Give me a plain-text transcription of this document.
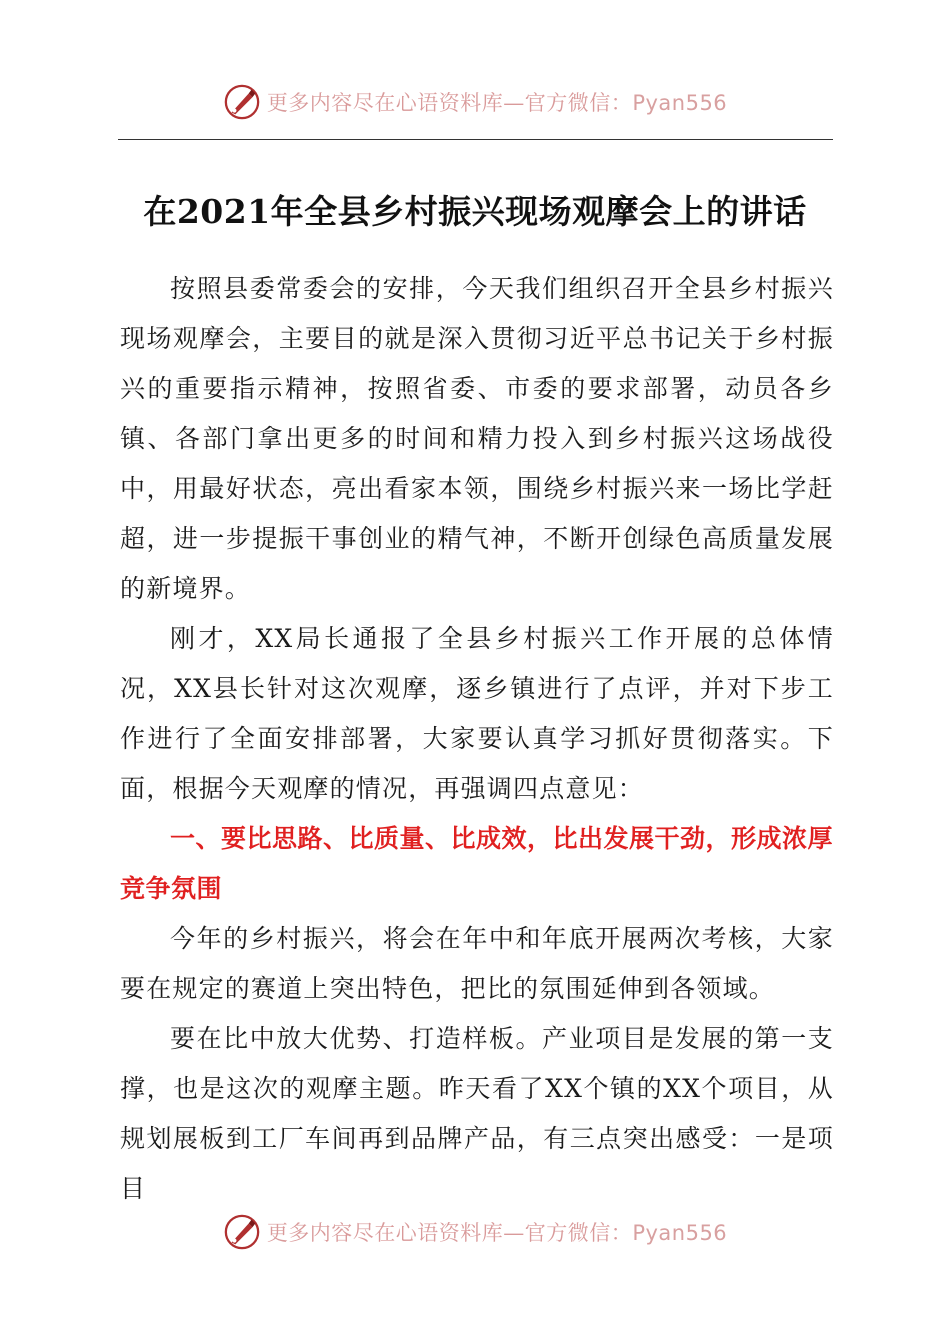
更多内容尽在心语资料库—官方微信：Pyan556
在2021年全县乡村振兴现场观摩会上的讲话

按照县委常委会的安排，今天我们组织召开全县乡村振兴现场观摩会，主要目的就是深入贯彻习近平总书记关于乡村振兴的重要指示精神，按照省委、市委的要求部署，动员各乡镇、各部门拿出更多的时间和精力投入到乡村振兴这场战役中，用最好状态，亮出看家本领，围绕乡村振兴来一场比学赶超，进一步提振干事创业的精气神，不断开创绿色高质量发展的新境界。

刚才，XX局长通报了全县乡村振兴工作开展的总体情况，XX县长针对这次观摩，逐乡镇进行了点评，并对下步工作进行了全面安排部署，大家要认真学习抓好贯彻落实。下面，根据今天观摩的情况，再强调四点意见：

一、要比思路、比质量、比成效，比出发展干劲，形成浓厚竞争氛围

今年的乡村振兴，将会在年中和年底开展两次考核，大家要在规定的赛道上突出特色，把比的氛围延伸到各领域。

要在比中放大优势、打造样板。产业项目是发展的第一支撑，也是这次的观摩主题。昨天看了XX个镇的XX个项目，从规划展板到工厂车间再到品牌产品，有三点突出感受：一是项目

更多内容尽在心语资料库—官方微信：Pyan556
